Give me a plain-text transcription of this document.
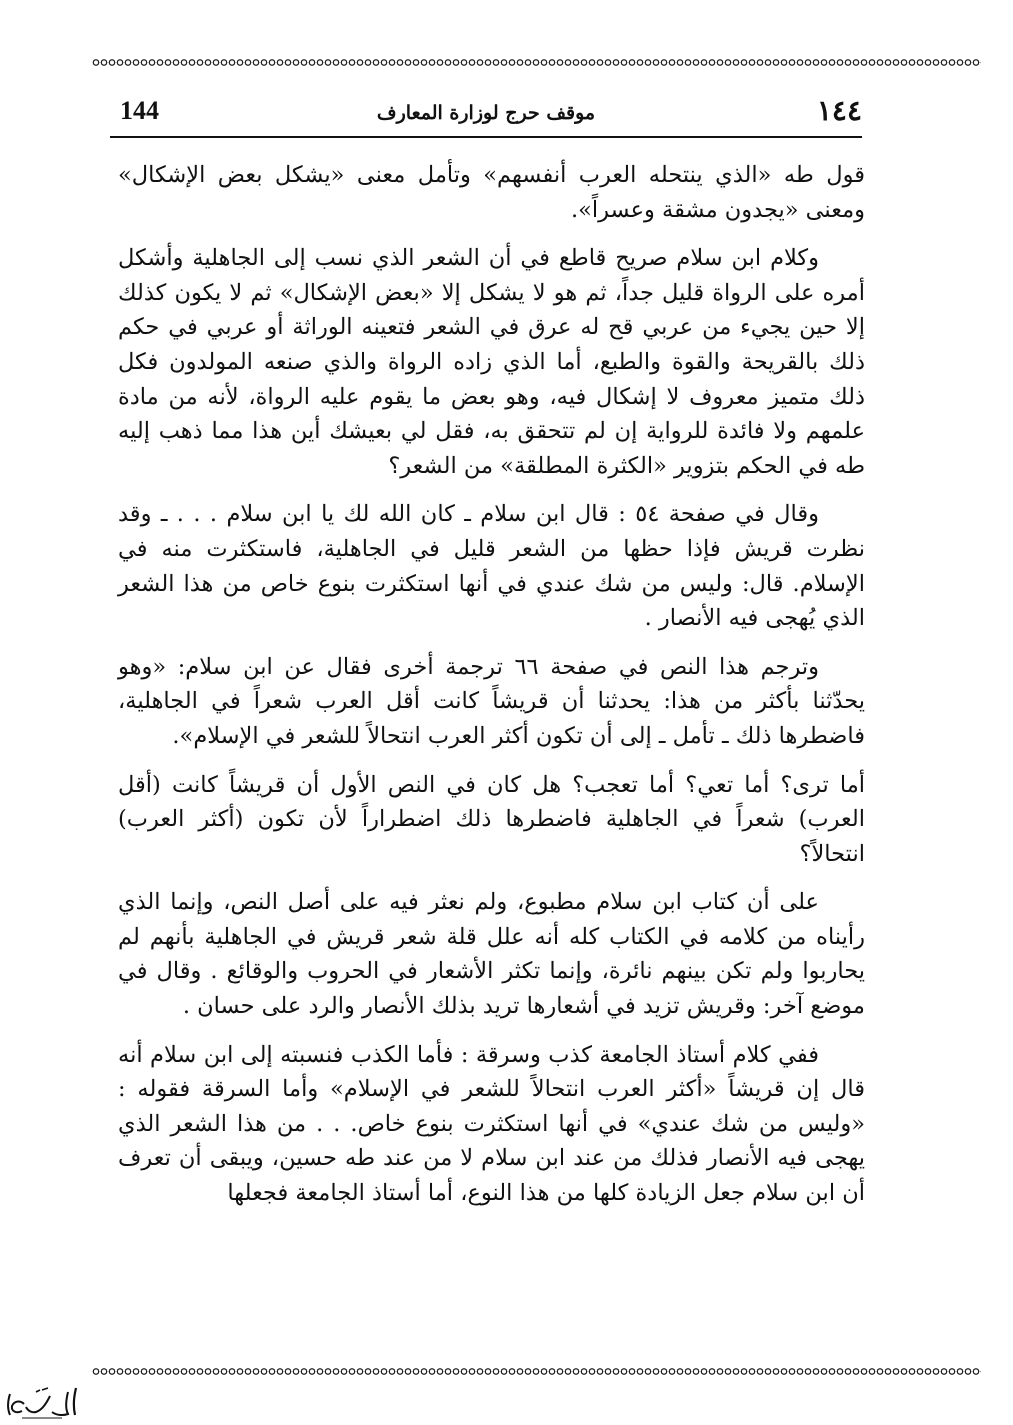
١٤٤
موقف حرج لوزارة المعارف
144

قول طه «الذي ينتحله العرب أنفسهم» وتأمل معنى «يشكل بعض الإشكال» ومعنى «يجدون مشقة وعسراً».

وكلام ابن سلام صريح قاطع في أن الشعر الذي نسب إلى الجاهلية وأشكل أمره على الرواة قليل جداً، ثم هو لا يشكل إلا «بعض الإشكال» ثم لا يكون كذلك إلا حين يجيء من عربي قح له عرق في الشعر فتعينه الوراثة أو عربي في حكم ذلك بالقريحة والقوة والطبع، أما الذي زاده الرواة والذي صنعه المولدون فكل ذلك متميز معروف لا إشكال فيه، وهو بعض ما يقوم عليه الرواة، لأنه من مادة علمهم ولا فائدة للرواية إن لم تتحقق به، فقل لي بعيشك أين هذا مما ذهب إليه طه في الحكم بتزوير «الكثرة المطلقة» من الشعر؟

وقال في صفحة ٥٤ : قال ابن سلام ـ كان الله لك يا ابن سلام . . . ـ وقد نظرت قريش فإذا حظها من الشعر قليل في الجاهلية، فاستكثرت منه في الإسلام. قال: وليس من شك عندي في أنها استكثرت بنوع خاص من هذا الشعر الذي يُهجى فيه الأنصار .

وترجم هذا النص في صفحة ٦٦ ترجمة أخرى فقال عن ابن سلام: «وهو يحدّثنا بأكثر من هذا: يحدثنا أن قريشاً كانت أقل العرب شعراً في الجاهلية، فاضطرها ذلك ـ تأمل ـ إلى أن تكون أكثر العرب انتحالاً للشعر في الإسلام».

أما ترى؟ أما تعي؟ أما تعجب؟ هل كان في النص الأول أن قريشاً كانت (أقل العرب) شعراً في الجاهلية فاضطرها ذلك اضطراراً لأن تكون (أكثر العرب) انتحالاً؟

على أن كتاب ابن سلام مطبوع، ولم نعثر فيه على أصل النص، وإنما الذي رأيناه من كلامه في الكتاب كله أنه علل قلة شعر قريش في الجاهلية بأنهم لم يحاربوا ولم تكن بينهم نائرة، وإنما تكثر الأشعار في الحروب والوقائع . وقال في موضع آخر: وقريش تزيد في أشعارها تريد بذلك الأنصار والرد على حسان .

ففي كلام أستاذ الجامعة كذب وسرقة : فأما الكذب فنسبته إلى ابن سلام أنه قال إن قريشاً «أكثر العرب انتحالاً للشعر في الإسلام» وأما السرقة فقوله : «وليس من شك عندي» في أنها استكثرت بنوع خاص. . . من هذا الشعر الذي يهجى فيه الأنصار فذلك من عند ابن سلام لا من عند طه حسين، ويبقى أن تعرف أن ابن سلام جعل الزيادة كلها من هذا النوع، أما أستاذ الجامعة فجعلها
